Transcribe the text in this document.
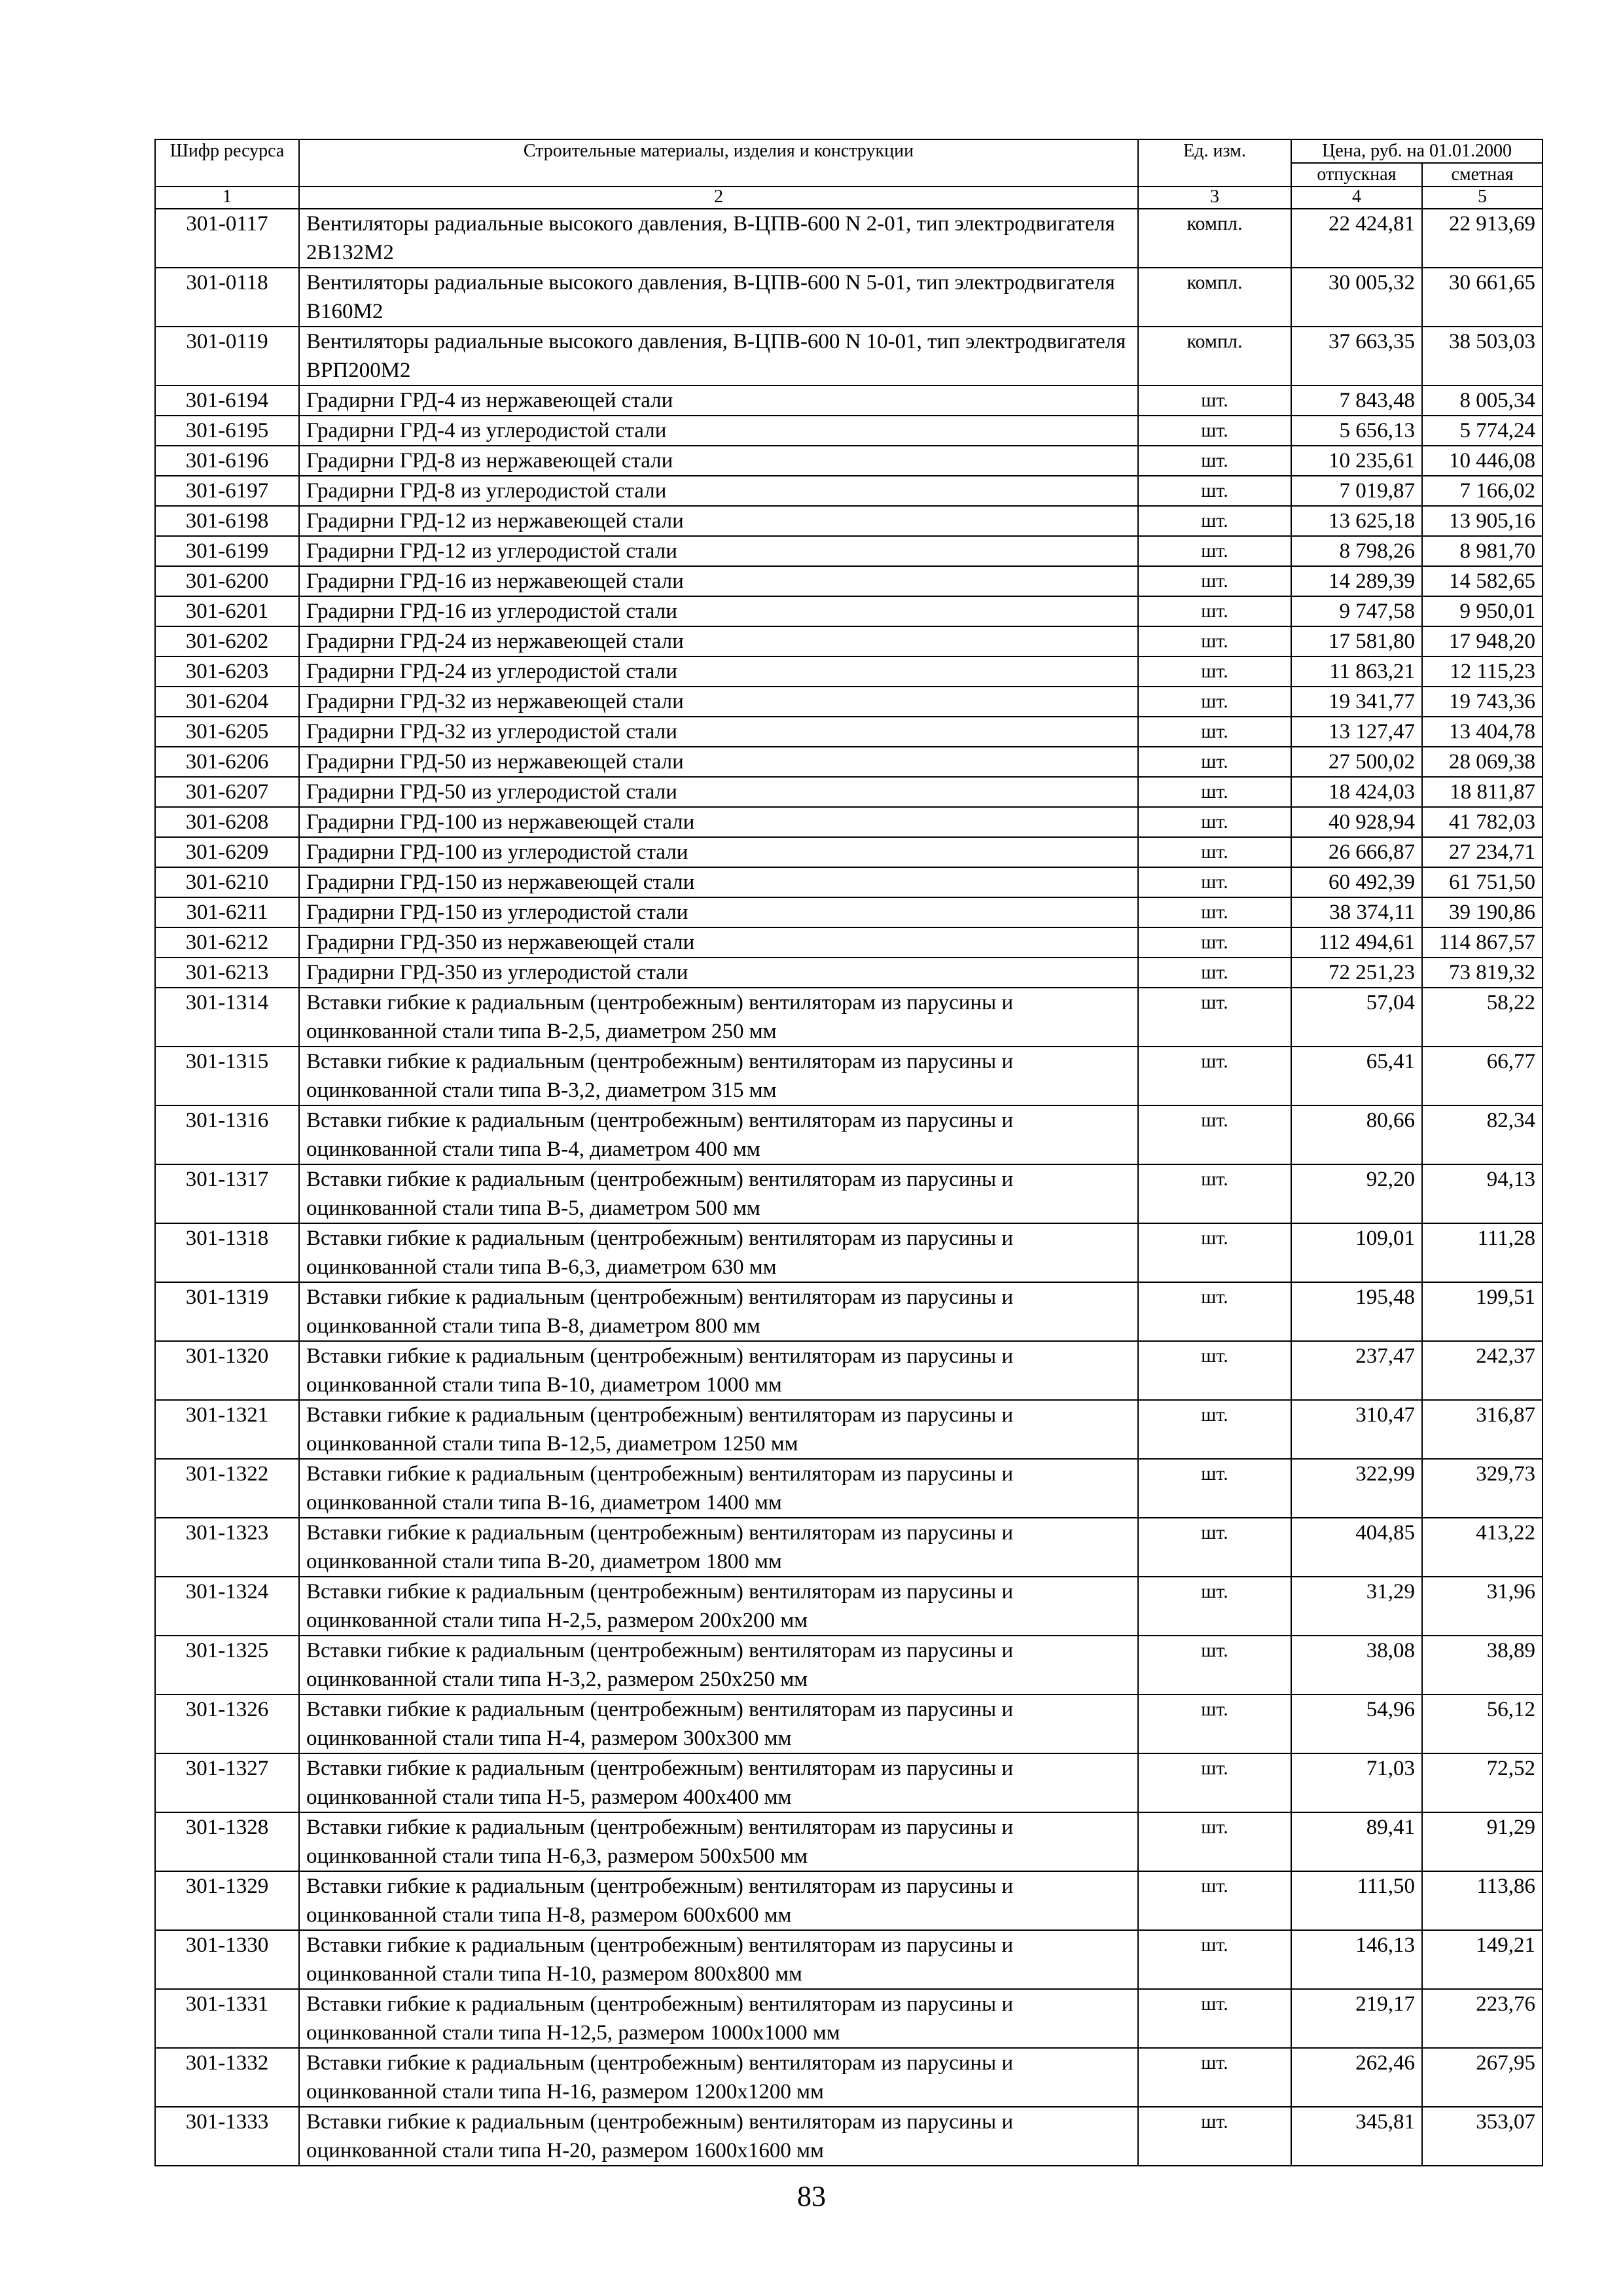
Шифр ресурса	Строительные материалы, изделия и конструкции	Ед. изм.	Цена, руб. на 01.01.2000	
			отпускная	сметная
1	2	3	4	5
301-0117	Вентиляторы радиальные высокого давления, В-ЦПВ-600 N 2-01, тип электродвигателя 2В132М2	компл.	22 424,81	22 913,69
301-0118	Вентиляторы радиальные высокого давления, В-ЦПВ-600 N 5-01, тип электродвигателя В160М2	компл.	30 005,32	30 661,65
301-0119	Вентиляторы радиальные высокого давления, В-ЦПВ-600 N 10-01, тип электродвигателя ВРП200М2	компл.	37 663,35	38 503,03
301-6194	Градирни ГРД-4 из нержавеющей стали	шт.	7 843,48	8 005,34
301-6195	Градирни ГРД-4 из углеродистой стали	шт.	5 656,13	5 774,24
301-6196	Градирни ГРД-8 из нержавеющей стали	шт.	10 235,61	10 446,08
301-6197	Градирни ГРД-8 из углеродистой стали	шт.	7 019,87	7 166,02
301-6198	Градирни ГРД-12 из нержавеющей стали	шт.	13 625,18	13 905,16
301-6199	Градирни ГРД-12 из углеродистой стали	шт.	8 798,26	8 981,70
301-6200	Градирни ГРД-16 из нержавеющей стали	шт.	14 289,39	14 582,65
301-6201	Градирни ГРД-16 из углеродистой стали	шт.	9 747,58	9 950,01
301-6202	Градирни ГРД-24 из нержавеющей стали	шт.	17 581,80	17 948,20
301-6203	Градирни ГРД-24 из углеродистой стали	шт.	11 863,21	12 115,23
301-6204	Градирни ГРД-32 из нержавеющей стали	шт.	19 341,77	19 743,36
301-6205	Градирни ГРД-32 из углеродистой стали	шт.	13 127,47	13 404,78
301-6206	Градирни ГРД-50 из нержавеющей стали	шт.	27 500,02	28 069,38
301-6207	Градирни ГРД-50 из углеродистой стали	шт.	18 424,03	18 811,87
301-6208	Градирни ГРД-100 из нержавеющей стали	шт.	40 928,94	41 782,03
301-6209	Градирни ГРД-100 из углеродистой стали	шт.	26 666,87	27 234,71
301-6210	Градирни ГРД-150 из нержавеющей стали	шт.	60 492,39	61 751,50
301-6211	Градирни ГРД-150 из углеродистой стали	шт.	38 374,11	39 190,86
301-6212	Градирни ГРД-350 из нержавеющей стали	шт.	112 494,61	114 867,57
301-6213	Градирни ГРД-350 из углеродистой стали	шт.	72 251,23	73 819,32
301-1314	Вставки гибкие к радиальным (центробежным) вентиляторам из парусины и оцинкованной стали типа В-2,5, диаметром 250 мм	шт.	57,04	58,22
301-1315	Вставки гибкие к радиальным (центробежным) вентиляторам из парусины и оцинкованной стали типа В-3,2, диаметром 315 мм	шт.	65,41	66,77
301-1316	Вставки гибкие к радиальным (центробежным) вентиляторам из парусины и оцинкованной стали типа В-4, диаметром 400 мм	шт.	80,66	82,34
301-1317	Вставки гибкие к радиальным (центробежным) вентиляторам из парусины и оцинкованной стали типа В-5, диаметром 500 мм	шт.	92,20	94,13
301-1318	Вставки гибкие к радиальным (центробежным) вентиляторам из парусины и оцинкованной стали типа В-6,3, диаметром 630 мм	шт.	109,01	111,28
301-1319	Вставки гибкие к радиальным (центробежным) вентиляторам из парусины и оцинкованной стали типа В-8, диаметром 800 мм	шт.	195,48	199,51
301-1320	Вставки гибкие к радиальным (центробежным) вентиляторам из парусины и оцинкованной стали типа В-10, диаметром 1000 мм	шт.	237,47	242,37
301-1321	Вставки гибкие к радиальным (центробежным) вентиляторам из парусины и оцинкованной стали типа В-12,5, диаметром 1250 мм	шт.	310,47	316,87
301-1322	Вставки гибкие к радиальным (центробежным) вентиляторам из парусины и оцинкованной стали типа В-16, диаметром 1400 мм	шт.	322,99	329,73
301-1323	Вставки гибкие к радиальным (центробежным) вентиляторам из парусины и оцинкованной стали типа В-20, диаметром 1800 мм	шт.	404,85	413,22
301-1324	Вставки гибкие к радиальным (центробежным) вентиляторам из парусины и оцинкованной стали типа Н-2,5, размером 200х200 мм	шт.	31,29	31,96
301-1325	Вставки гибкие к радиальным (центробежным) вентиляторам из парусины и оцинкованной стали типа Н-3,2, размером 250х250 мм	шт.	38,08	38,89
301-1326	Вставки гибкие к радиальным (центробежным) вентиляторам из парусины и оцинкованной стали типа Н-4, размером 300х300 мм	шт.	54,96	56,12
301-1327	Вставки гибкие к радиальным (центробежным) вентиляторам из парусины и оцинкованной стали типа Н-5, размером 400х400 мм	шт.	71,03	72,52
301-1328	Вставки гибкие к радиальным (центробежным) вентиляторам из парусины и оцинкованной стали типа Н-6,3, размером 500х500 мм	шт.	89,41	91,29
301-1329	Вставки гибкие к радиальным (центробежным) вентиляторам из парусины и оцинкованной стали типа Н-8, размером 600х600 мм	шт.	111,50	113,86
301-1330	Вставки гибкие к радиальным (центробежным) вентиляторам из парусины и оцинкованной стали типа Н-10, размером 800х800 мм	шт.	146,13	149,21
301-1331	Вставки гибкие к радиальным (центробежным) вентиляторам из парусины и оцинкованной стали типа Н-12,5, размером 1000х1000 мм	шт.	219,17	223,76
301-1332	Вставки гибкие к радиальным (центробежным) вентиляторам из парусины и оцинкованной стали типа Н-16, размером 1200х1200 мм	шт.	262,46	267,95
301-1333	Вставки гибкие к радиальным (центробежным) вентиляторам из парусины и оцинкованной стали типа Н-20, размером 1600х1600 мм	шт.	345,81	353,07
83
